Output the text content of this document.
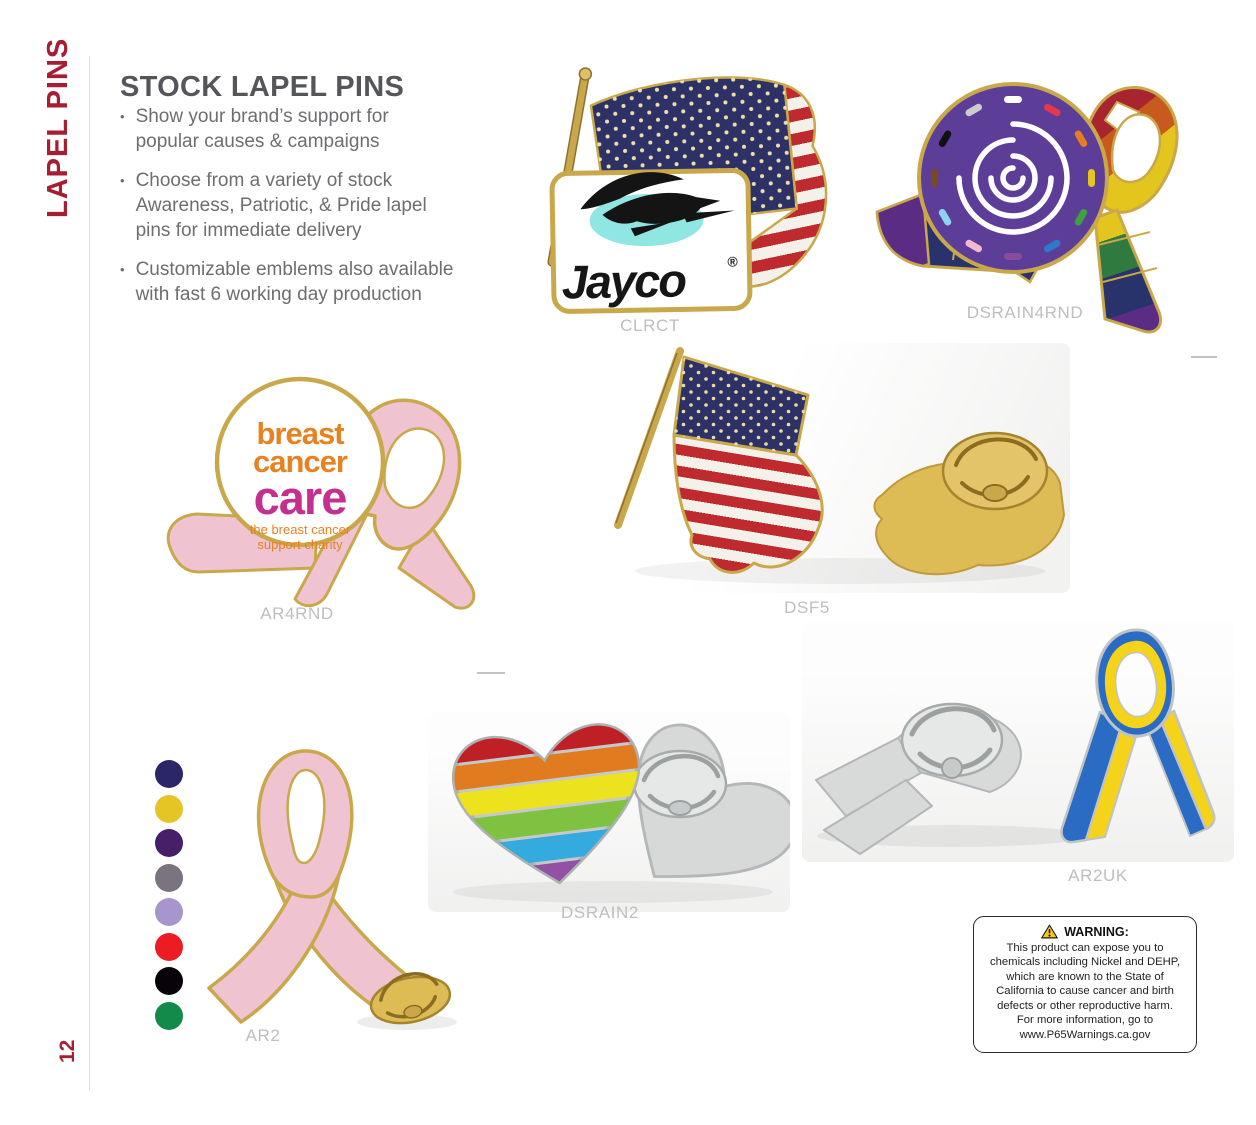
LAPEL PINS
12
STOCK LAPEL PINS
• Show your brand’s support for
popular causes & campaigns
• Choose from a variety of stock
Awareness, Patriotic, & Pride lapel
pins for immediate delivery
• Customizable emblems also available
with fast 6 working day production	Jayco	®
CLRCT
DSRAIN4RND
breast
cancer
care
the breast cancer
support charity
AR4RND	DSF5
DSRAIN2
AR2UK
AR2
WARNING:
This product can expose you to
chemicals including Nickel and DEHP,
which are known to the State of
California to cause cancer and birth
defects or other reproductive harm.
For more information, go to
www.P65Warnings.ca.gov
